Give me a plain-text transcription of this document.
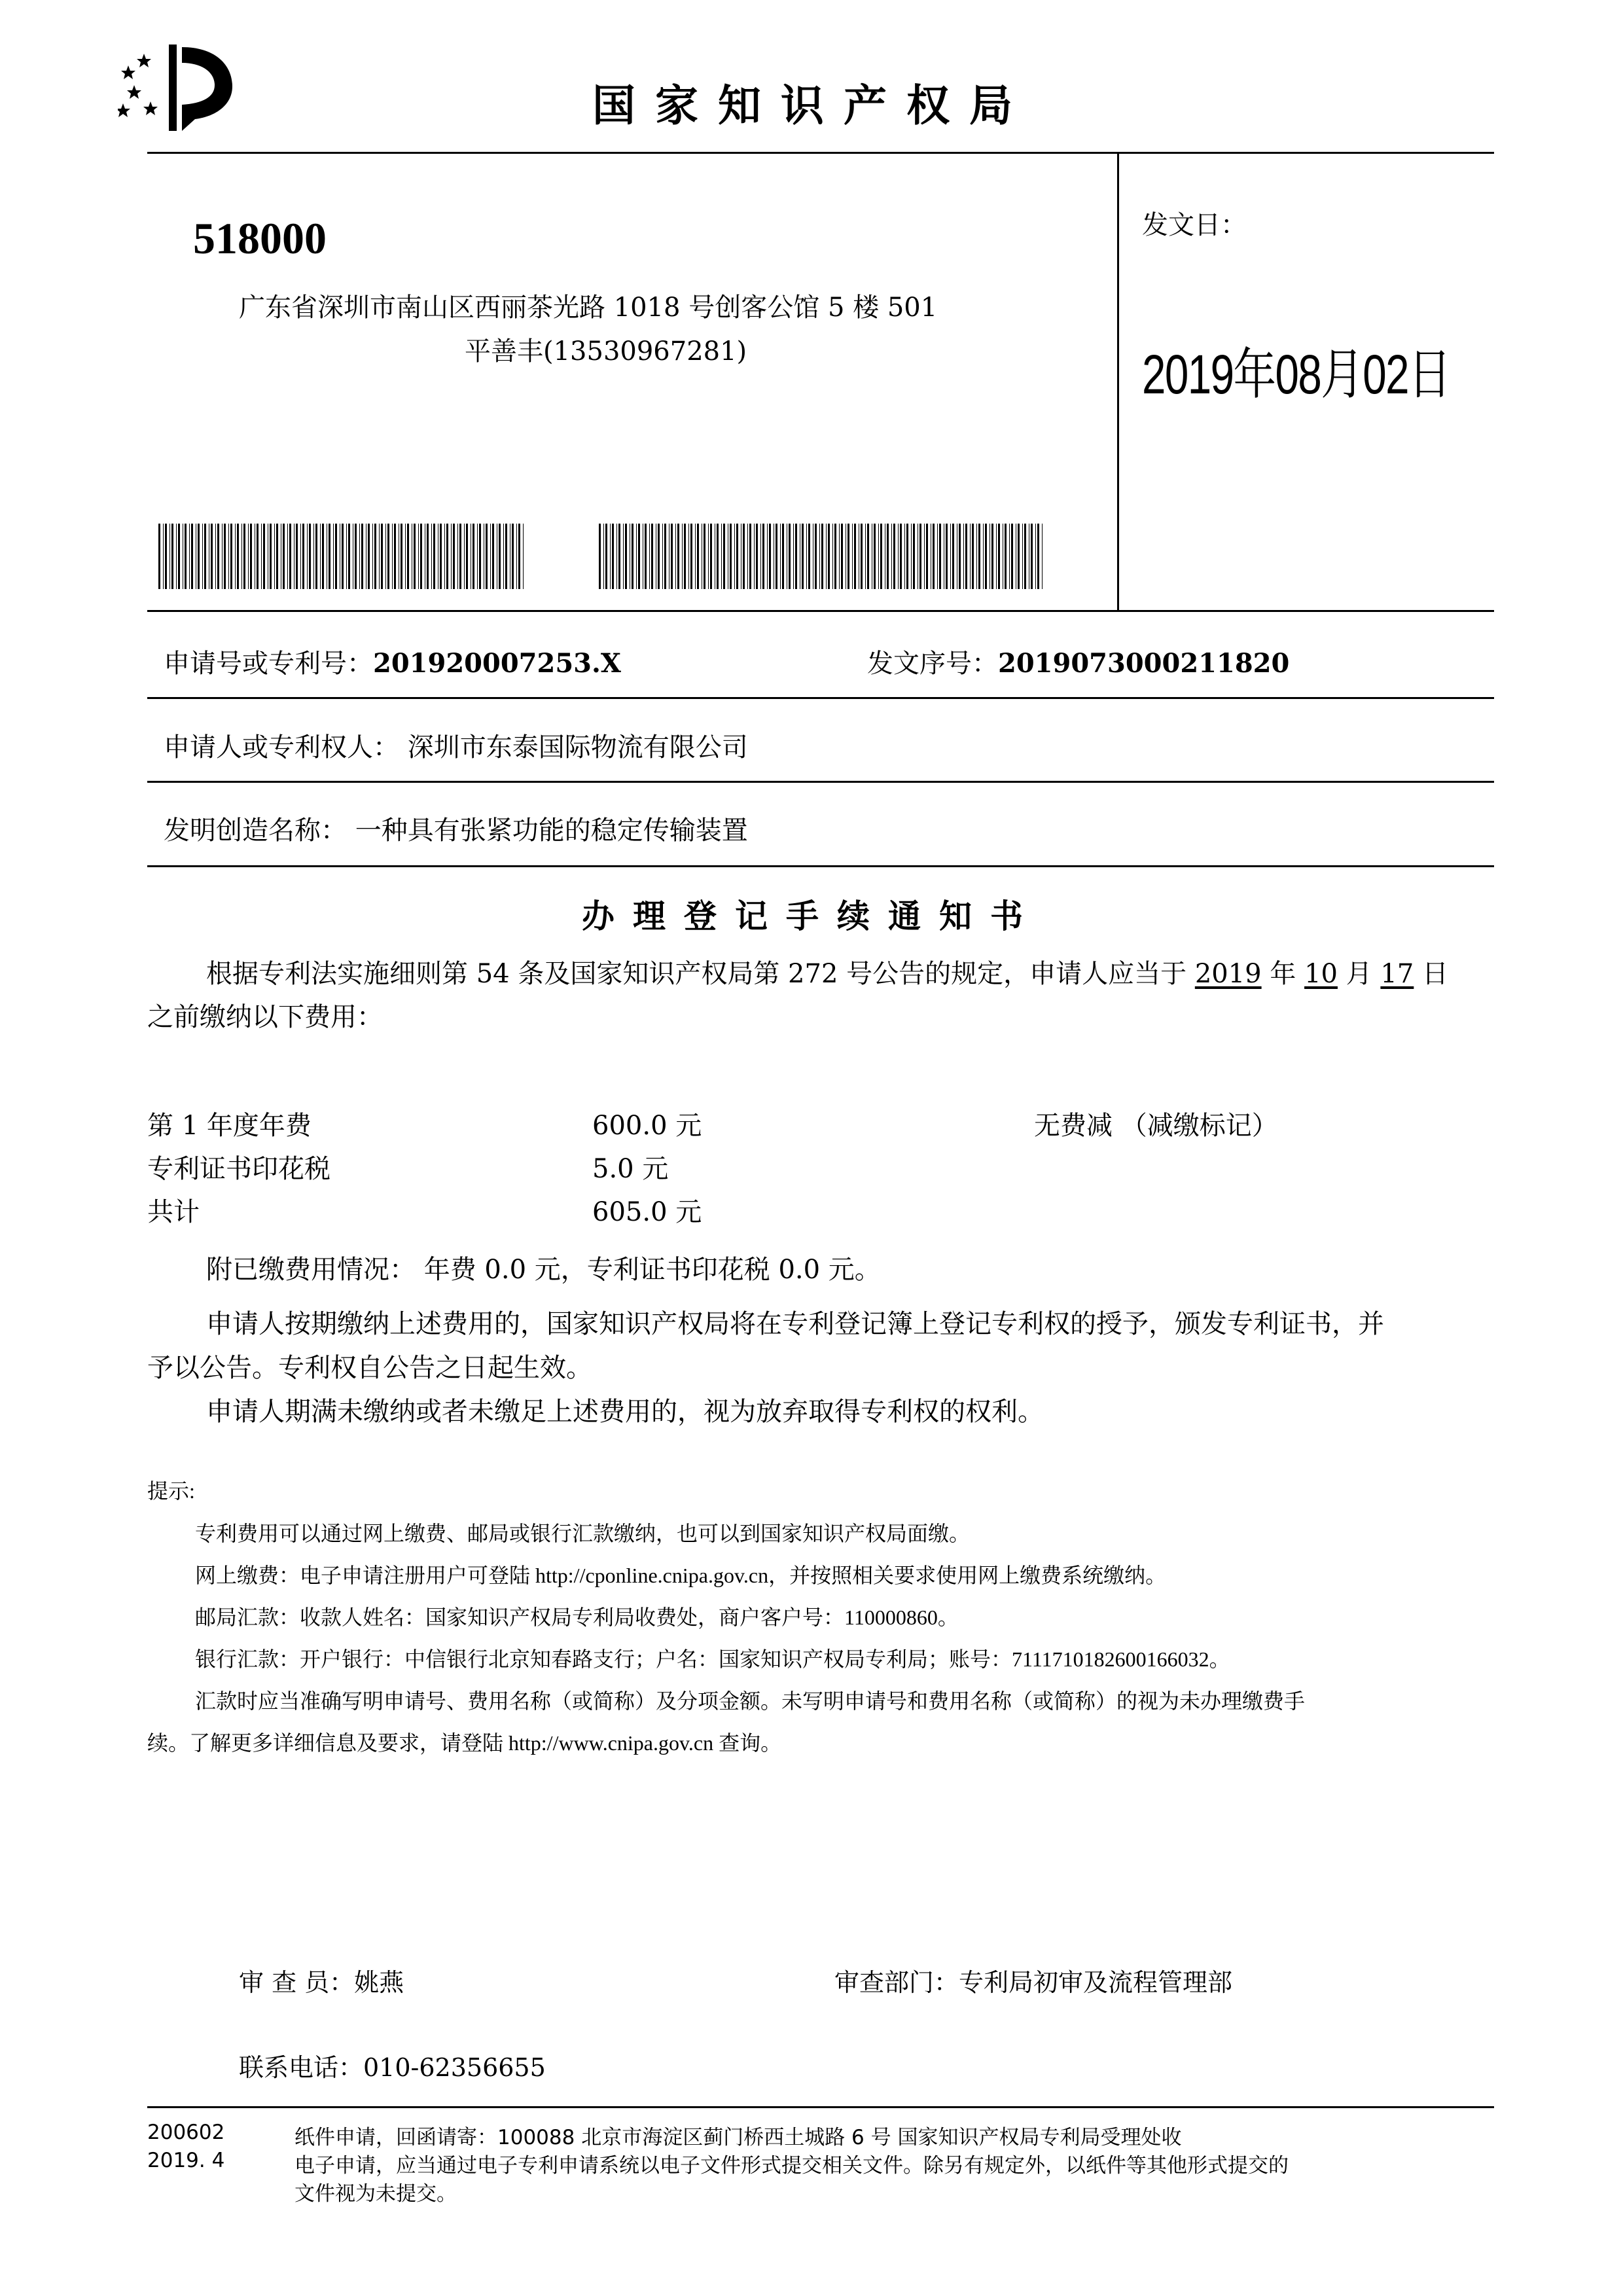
国家知识产权局
518000
广东省深圳市南山区西丽茶光路 1018 号创客公馆 5 楼 501
平善丰(13530967281)
发文日：
2019年08月02日
申请号或专利号：201920007253.X	发文序号：2019073000211820
申请人或专利权人： 深圳市东泰国际物流有限公司
发明创造名称： 一种具有张紧功能的稳定传输装置
办理登记手续通知书
根据专利法实施细则第 54 条及国家知识产权局第 272 号公告的规定，申请人应当于 2019 年 10 月 17 日
之前缴纳以下费用：
第 1 年度年费	600.0 元	无费减 （减缴标记）
专利证书印花税	5.0 元
共计	605.0 元
附已缴费用情况： 年费 0.0 元，专利证书印花税 0.0 元。
申请人按期缴纳上述费用的，国家知识产权局将在专利登记簿上登记专利权的授予，颁发专利证书，并
予以公告。专利权自公告之日起生效。
申请人期满未缴纳或者未缴足上述费用的，视为放弃取得专利权的权利。
提示:
专利费用可以通过网上缴费、邮局或银行汇款缴纳，也可以到国家知识产权局面缴。
网上缴费：电子申请注册用户可登陆 http://cponline.cnipa.gov.cn，并按照相关要求使用网上缴费系统缴纳。
邮局汇款：收款人姓名：国家知识产权局专利局收费处，商户客户号：110000860。
银行汇款：开户银行：中信银行北京知春路支行；户名：国家知识产权局专利局；账号：7111710182600166032。
汇款时应当准确写明申请号、费用名称（或简称）及分项金额。未写明申请号和费用名称（或简称）的视为未办理缴费手
续。了解更多详细信息及要求，请登陆 http://www.cnipa.gov.cn 查询。
审 查 员：姚燕	审查部门：专利局初审及流程管理部
联系电话：010-62356655
200602
2019. 4
纸件申请，回函请寄：100088 北京市海淀区蓟门桥西土城路 6 号 国家知识产权局专利局受理处收
电子申请，应当通过电子专利申请系统以电子文件形式提交相关文件。除另有规定外，以纸件等其他形式提交的
文件视为未提交。
